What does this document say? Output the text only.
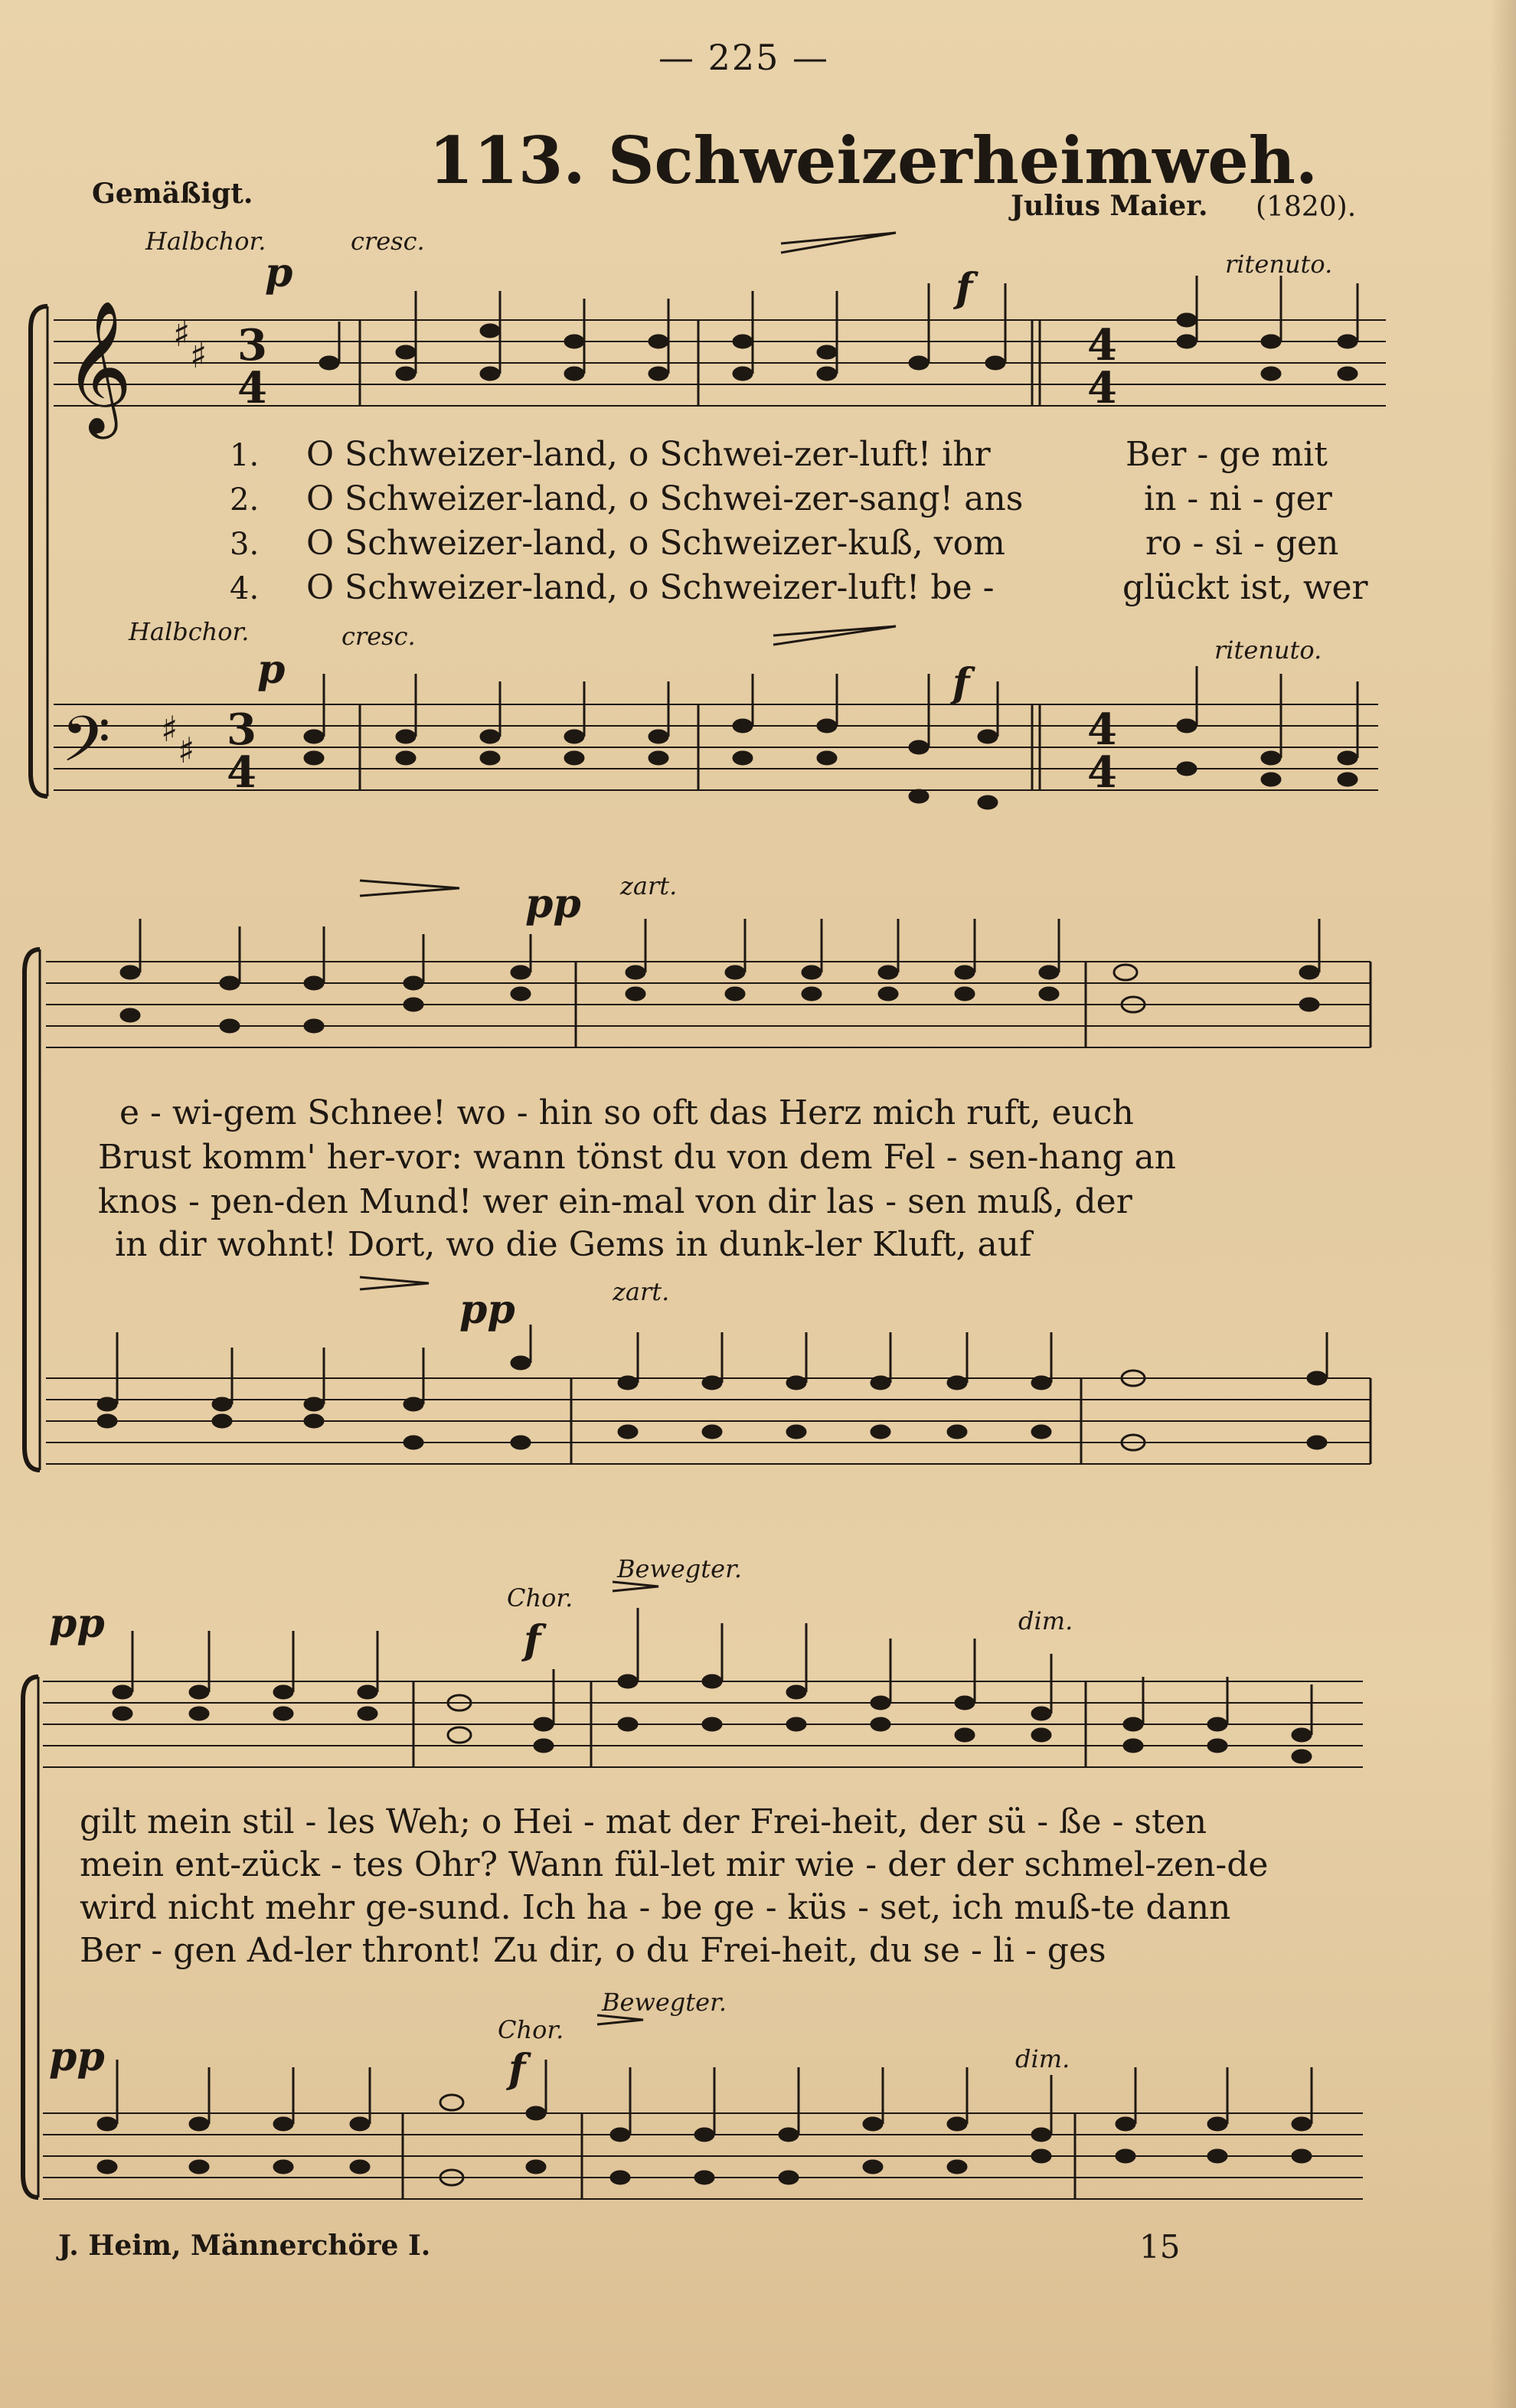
— 225 —
113. Schweizerheimweh.
Gemäßigt.	Julius Maier. (1820).
Halbchor.	cresc.
ritenuto.
p	f
1. O Schweizer-land, o Schwei-zer-luft! ihr	Ber - ge mit
2. O Schweizer-land, o Schwei-zer-sang! ans	in - ni - ger
3. O Schweizer-land, o Schweizer-kuß, vom	ro - si - gen
4. O Schweizer-land, o Schweizer-luft! be -	glückt ist, wer
Halbchor.	cresc.	ritenuto.
p	f
pp zart.
e - wi-gem Schnee! wo - hin so oft das Herz mich ruft, euch
Brust komm' her-vor: wann tönst du von dem Fel - sen-hang an
knos - pen-den Mund! wer ein-mal von dir las - sen muß, der
in dir wohnt! Dort, wo die Gems in dunk-ler Kluft, auf
pp	zart.
Bewegter.
Chor.
pp	f	dim.
gilt mein stil - les Weh; o Hei - mat der Frei-heit, der sü - ße - sten
mein ent-zück - tes Ohr? Wann fül-let mir wie - der der schmel-zen-de
wird nicht mehr ge-sund. Ich ha - be ge - küs - set, ich muß-te dann
Ber - gen Ad-ler thront! Zu dir, o du Frei-heit, du se - li - ges
Bewegter.
Chor.
pp	f	dim.
J. Heim, Männerchöre I.	15
𝄞
𝄢
♯
♯
♯
♯
3
4
4
4
3
4
4
4
